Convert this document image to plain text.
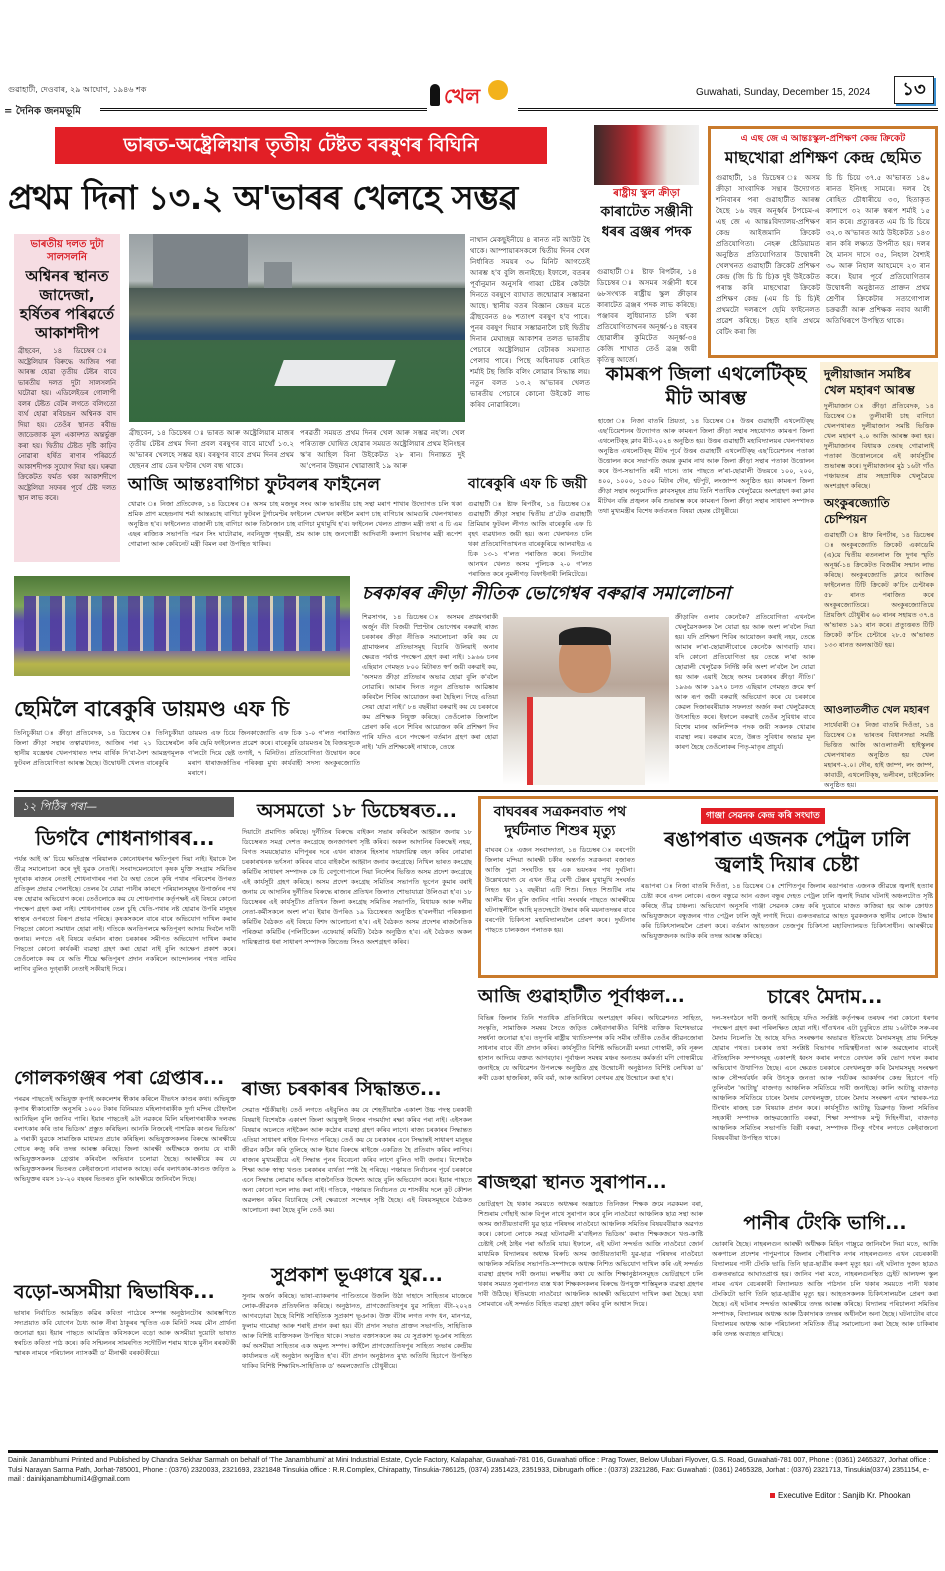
গুৱাহাটী, দেওবাৰ, ২৯ আঘোণ, ১৯৪৬ শক
= দৈনিক জনমভূমি
খেল	Guwahati, Sunday, December 15, 2024	১৩
ভাৰত-অষ্ট্ৰেলিয়াৰ তৃতীয় টেষ্টত বৰষুণৰ বিঘিনি
প্ৰথম দিনা ১৩.২ অ'ভাৰৰ খেলহে সম্ভৱ
ভাৰতীয় দলত দুটা সালসলনি
অশ্বিনৰ স্থানত জাদেজা, হৰ্ষিতৰ পৰিৱৰ্তে আকাশদীপ
ব্ৰীছবেন, ১৪ ডিচেম্বৰ ঃ অষ্ট্ৰেলিয়াৰ বিৰুদ্ধে আজিৰ পৰা আৰম্ভ হোৱা তৃতীয় টেষ্টৰ বাবে ভাৰতীয় দলত দুটা সালসলনি ঘটোৱা হয়। এডিলেইডৰ গোলাপী বলৰ টেষ্টত বেটৰ লগতে বলিংতো ব্যৰ্থ হোৱা ৰবিচন্দ্ৰন অশ্বিনক বাদ দিয়া হয়। তেওঁৰ স্থানত ৰবীন্দ্ৰ জাডেজাক মূল একাদশত অন্তৰ্ভুক্ত কৰা হয়। দ্বিতীয় টেষ্টত দৃষ্টি কাঢ়িব নোৱাৰা হৰ্ষিত ৰাণাৰ পৰিৱৰ্তে আকাশদীপক সুযোগ দিয়া হয়। ঘৰুৱা ক্ৰিকেটত ফৰ্মত থকা আকাশদীপে অষ্ট্ৰেলিয়া সফৰৰ পূৰ্বে টেষ্ট দলত স্থান লাভ কৰে।
ব্ৰীছবেন, ১৪ ডিচেম্বৰ ঃ ভাৰত আৰু অষ্ট্ৰেলিয়াৰ মাজৰ তৃতীয় টেষ্টৰ প্ৰথম দিনা প্ৰবল বৰষুণৰ বাবে মাথোঁ ১৩.২ অ'ভাৰৰ খেলহে সম্ভৱ হয়। বৰষুণৰ বাবে প্ৰথম দিনৰ প্ৰথম ছেছনৰ প্ৰায় ডেৰ ঘণ্টাৰ খেল বন্ধ থাকে।
পৰৱৰ্তী সময়ত প্ৰথম দিনৰ খেল আৰু সম্ভৱ নহ'ল। খেল পৰিত্যক্ত ঘোষিত হোৱাৰ সময়ত অষ্ট্ৰেলিয়াৰ প্ৰথম ইনিংছৰ স্ক'ৰ আছিল বিনা উইকেটত ২৮ ৰান। দিনান্তত দুই অ'পেনাৰ উছমান খোৱাজাই ১৯ আৰু
নাথান মেকছুইনীয়ে ৪ ৰানত নট আউট হৈ থাকে। আম্পায়াৰসকলে দ্বিতীয় দিনৰ খেল নিৰ্ধাৰিত সময়ৰ ৩০ মিনিট আগতেই আৰম্ভ হ'ব বুলি জনাইছে। ইফালে, বতৰৰ পূৰ্বানুমান অনুসৰি গাব্বা টেষ্টৰ কেউটা দিনতে বৰষুণে ব্যাঘাত জন্মোৱাৰ সম্ভাৱনা আছে। স্থানীয় বতৰ বিজ্ঞান কেন্দ্ৰৰ মতে ব্ৰীছবেনত ৪৬ শতাংশ বৰষুণ হ'ব পাৰে। পুনৰ বৰষুণ দিয়াৰ সম্ভাৱনালৈ চাই দ্বিতীয় দিনাৰ মেঘাচ্ছন্ন আকাশৰ তলত ভাৰতীয় পেচাৰে অষ্ট্ৰেলিয়ান বেটাৰক সমস্যাত পেলাব পাৰে। পিছে অধিনায়ক ৰোহিত শৰ্মাই টছ জিকি বলিং লোৱাৰ সিদ্ধান্ত লয়। নতুন বলত ১৩.২ অ'ভাৰৰ খেলত ভাৰতীয় পেচাৰে কোনো উইকেট লাভ কৰিব নোৱাৰিলে।
ৰাষ্ট্ৰীয় স্কুল ক্ৰীড়া
কাৰাটেত সঞ্জীনী ধৰৰ ব্ৰঞ্জৰ পদক
গুৱাহাটী ঃ ষ্টাফ ৰিপৰ্টাৰ, ১৪ ডিচেম্বৰ ঃ অসমৰ সঞ্জীনী ধৰে ৬৮সংখ্যক ৰাষ্ট্ৰীয় স্কুল ক্ৰীড়াৰ কাৰাটেত ব্ৰঞ্জৰ পদক লাভ কৰিছে। পঞ্জাবৰ লুধিয়ানাত চলি থকা প্ৰতিযোগিতাখনৰ অনূৰ্ধ্ব-১৪ বছৰৰ ছোৱালীৰ কুমিটেত অনূৰ্ধ্ব-৩৪ কেজি শাখাত তেওঁ ব্ৰঞ্জ জয়ী কৃতিত্ব আৰ্জে।
এ এছ জে এ আন্তঃস্কুল-প্ৰশিক্ষণ কেন্দ্ৰ ক্ৰিকেট
মাছখোৱা প্ৰশিক্ষণ কেন্দ্ৰ ছেমিত
গুৱাহাটী, ১৪ ডিচেম্বৰ ঃ অসম ক্ৰীড়া সাংবাদিক সন্থাৰ উদ্যোগত শনিবাৰৰ পৰা গুৱাহাটীত আৰম্ভ হৈছে ১৬ বছৰ অনূৰ্ধ্বৰ টপচেম-এ এছ জে এ আন্তঃবিদ্যালয়-প্ৰশিক্ষণ কেন্দ্ৰ আইজমানি ক্ৰিকেট প্ৰতিযোগিতা। নেহৰু ষ্টেডিয়ামত অনুষ্ঠিত প্ৰতিযোগিতাৰ উদ্বোধনী খেলখনত গুৱাহাটী ক্ৰিকেট প্ৰশিক্ষণ কেন্দ্ৰ (জি চি চি চি)ক দুই উইকেটত পৰাস্ত কৰি মাছখোৱা ক্ৰিকেট প্ৰশিক্ষণ কেন্দ্ৰ (এম চি চি চি)ই প্ৰথমটো দলৰূপে ছেমি ফাইনেলত প্ৰৱেশ কৰিছে। টছত হাৰি প্ৰথমে বেটিং কৰা জি
চি চি চিয়ে ৩৭.৫ অ'ভাৰত ১৪০ ৰানত ইনিংছ সামৰে। দলৰ হৈ ৰোহিত চৌধাৰীয়ে ৩৩, হিতাকৃত কাশ্যপে ৩২ আৰু স্বৰূপ শৰ্মাই ১৫ ৰান কৰে। প্ৰত্যুত্তৰত এম চি চি চিয়ে ৩২.৩ অ'ভাৰত আঠ উইকেটত ১৪৩ ৰান কৰি লক্ষ্যত উপনীত হয়। দলৰ হৈ মানস দাসে ৩৫, নিহাল বৈশ্যই ৩০ আৰু নিহাল আহমেদে ২৩ ৰান কৰে। ইয়াৰ পূৰ্বে প্ৰতিযোগিতাৰ উদ্বোধনী অনুষ্ঠানত প্ৰাক্তন প্ৰথম শ্ৰেণীৰ ক্ৰিকেটাৰ সত্যগোপাল চক্ৰৱৰ্তী আৰু প্ৰশিক্ষক নবাব আলী অতিথিৰূপে উপস্থিত থাকে।
কামৰূপ জিলা এথলেটিক্‌ছ মীট আৰম্ভ
হাজো ঃ নিজা বাতৰি প্ৰিয়তা, ১৪ ডিচেম্বৰ ঃ উত্তৰ গুৱাহাটী এথলেটিক্‌ছ এছ'চিয়েশ্যনৰ উদ্যোগত আৰু কামৰূপ জিলা ক্ৰীড়া সন্থাৰ সহযোগত কামৰূপ জিলা এথলেটিক্‌ছ ক্লাব মীট-২০২৪ অনুষ্ঠিত হয়। উত্তৰ গুৱাহাটী মহাবিদ্যালয়ৰ খেলপথাৰত অনুষ্ঠিত এথলেটিক্‌ছ মীটৰ পূৰ্বে উত্তৰ গুৱাহাটী এথলেটিক্‌ছ এছ'চিয়েশ্যনৰ পতাকা উত্তোলন কৰে সভাপতি জয়ন্ত কুমাৰ নাথ আৰু জিলা ক্ৰীড়া সন্থাৰ পতাকা উত্তোলন কৰে উপ-সভাপতি ৰূমী দাসে। তাৰ পাছতে ল'ৰা-ছোৱালী উভয়ৰে ১০০, ২০০, ৪০০, ১০০০, ১৫০০ মিটাৰ দৌৰ, শ্বটপুট, লংজাম্প অনুষ্ঠিত হয়। কামৰূপ জিলা ক্ৰীড়া সন্থাৰ অনুমোদিত ক্লাবসমূহৰ প্ৰায় তিনি শতাধিক খেলুৱৈয়ে অংশগ্ৰহণ কৰা ক্লাব মীটখন বন্তি প্ৰজ্বলন কৰি শুভাৰম্ভ কৰে কামৰূপ জিলা ক্ৰীড়া সন্থাৰ সাধাৰণ সম্পাদক তথা মুখ্যমন্ত্ৰীৰ বিশেষ কৰ্তব্যৰত বিষয়া হেমন্ত চৌধুৰীয়ে।
দুলীয়াজান সমষ্টিৰ খেল মহাৰণ আৰম্ভ
দুলীয়াজান ঃ ক্ৰীড়া প্ৰতিবেদক, ১৪ ডিচেম্বৰ ঃ তুলীবাৰী চাহ বাগিচা খেলপথাৰত দুলীয়াজান সমষ্টি ভিত্তিক খেল মহাৰণ ২.০ আজি আৰম্ভ কৰা হয়। দুলীয়াজানৰ বিধায়ক তেৰছ গোৱালাই পতাকা উত্তোলনেৰে এই কাৰ্যসূচীৰ শুভাৰম্ভ কৰে। দুলীয়াজানৰ মুঠ ১৬টা গাঁও পঞ্চায়তৰ প্ৰায় সহস্ৰাধিক খেলুৱৈয়ে অংশগ্ৰহণ কৰিছে।
অংকুৰজ্যোতি চেম্পিয়ন
গুৱাহাটী ঃ ষ্টাফ ৰিপৰ্টাৰ, ১৪ ডিচেম্বৰ ঃ অংকুৰজ্যোতি ক্ৰিকেট একাডেমি (এ)য়ে দ্বিতীয় ৰতনলাল জি দুগৰ স্মৃতি অনূৰ্ধ্ব-১৪ ক্ৰিকেটত বিজয়ীৰ সন্মান লাভ কৰিছে। অংকুৰজ্যোতি ক্লাবে আজিৰ ফাইনেলত টিটি ক্ৰিকেট ক'চিং চেন্টাৰক ৫৮ ৰানত পৰাজিত কৰে অংকুৰজ্যোতিয়ে। অংকুৰজ্যোতিয়ে প্ৰিয়জিৎ চৌধুৰীৰ ৬০ ৰানৰ সহায়ত ৩৭.৪ অ'ভাৰত ১৯১ ৰান কৰে। প্ৰত্যুত্তৰত টিটি ক্ৰিকেট ক'চিং চেন্টাৰে ২৮.৫ অ'ভাৰত ১৩৩ ৰানত অলআউট হয়।
আওলাতলীত খেল মহাৰণ
সাৰ্থেবাৰী ঃ নিজা বাতৰি দিওঁতা, ১৪ ডিচেম্বৰ ঃ ভাৰতৰ বিধানসভা সমষ্টি ভিত্তিত আজি আওলাতলী হাইস্কুলৰ খেলপথাৰত অনুষ্ঠিত হয় খেল মহাৰণ-২.০। দৌৰ, হাই জাম্প, লং জাম্প, কাবাডী, এথলেটিক্‌ছ, ভলীবল, চাইকেলিং অনুষ্ঠিত হয়।
আজি আন্তঃবাগিচা ফুটবলৰ ফাইনেল
খোৱাং ঃ নিজা প্ৰতিবেদক, ১৪ ডিচেম্বৰ ঃ অসম চাহ মজদুৰ সংঘ আৰু ভাৰতীয় চাহ সন্থা মৰাণ শাখাৰ উদ্যোগত চলি থকা শ্ৰমিক প্ৰাণ মহেন্দ্ৰনাথ শৰ্মা আন্তঃচাহ বাগিচা ফুটবল টুৰ্ণামেণ্টৰ ফাইনেল খেলখন কাইলৈ মৰাণ চাহ বাগিচাৰ আমগুৰি খেলপথাৰত অনুষ্ঠিত হ'ব। ফাইনেলত বাজালী চাহ বাগিচা আৰু তিনৈজান চাহ বাগিচা মুখামুখি হ'ব। ফাইনেল খেলত প্ৰাক্তন মন্ত্ৰী তথা এ চি এম এছৰ ৰাজ্যিক সভাপতি পৱন সিং ঘাটোৱাৰ, নবনিযুক্ত গৃহমন্ত্ৰী, শ্ৰম আৰু চাহ জনগোষ্ঠী আদিবাসী কল্যাণ বিভাগৰ মন্ত্ৰী ৰূপেশ গোৱালা আৰু কেবিনেট মন্ত্ৰী বিমল বৰা উপস্থিত থাকিব।
বাৰেকুৰি এফ চি জয়ী
গুৱাহাটী ঃ ষ্টাফ ৰিপৰ্টাৰ, ১৪ ডিচেম্বৰ ঃ গুৱাহাটী ক্ৰীড়া সন্থাৰ দ্বিতীয় প্ৰ'টেক গুৱাহাটী প্ৰিমিয়াৰ ফুটবল লীগত আজি বাৰেকুৰি এফ চি বৃহৎ ব্যৱধানত জয়ী হয়। অন্য খেলখনত চলি থকা প্ৰতিযোগিতাখনত বাৰেকুৰিয়ে আলবাইড এ চিক ১৩-১ গ'লত পৰাজিত কৰে। দিনটোৰ আনখন খেলত অসম পুলিচক ২-০ গ'লত পৰাজিত কৰে নুমলীগড় বিফাইনাৰী লিমিটেডে।
ছেমিলৈ বাৰেকুৰি ডায়মণ্ড এফ চি
তিনিচুকীয়া ঃ ক্ৰীড়া প্ৰতিবেদক, ১৪ ডিচেম্বৰ ঃ তিনিচুকীয়া জিলা ক্ৰীড়া সন্থাৰ তত্বাৱধানত, আজিৰ পৰা ২১ ডিচেম্বৰলৈ স্থানীয় যজ্ঞেশ্বৰ খেলপথাৰত দশম বাৰ্ষিক দি'বা-নৈশ আমন্ত্ৰণমূলক ফুটবল প্ৰতিযোগিতা আৰম্ভ হৈছে। উদ্বোধনী খেলত বাৰেকুৰি
ডায়মণ্ড এফ চিয়ে জিনকাজ্যোতি এফ চিক ১-০ গ'লত পৰাজিত কৰি ছেমি ফাইনেলত প্ৰৱেশ কৰে। বাৰেকুৰি ডায়মণ্ডৰ হৈ বিজয়সূচক গ'লটো দিয়ে ছেষ্ট তগাই, ৭ মিনিটত। প্ৰতিযোগিতা উদ্বোধন কৰে মৰাণ ধাৰাজৰ্জাতিৰ পৰিকল্প মুখ্য কাৰ্যবাহী সদস্য অংকুৰজ্যোতি মৰাণে।
চৰকাৰৰ ক্ৰীড়া নীতিক ভোগেশ্বৰ বৰুৱাৰ সমালোচনা
শিৱসাগৰ, ১৪ ডিচেম্বৰ ঃ অসমৰ প্ৰথমগৰাকী অৰ্জুন বঁটা বিজয়ী স্প্ৰিণ্টাৰ ভোগেশ্বৰ বৰুৱাই ৰাজ্য চৰকাৰৰ ক্ৰীড়া নীতিক সমালোচনা কৰি কয় যে গ্ৰামাঞ্চলৰ প্ৰতিভাসমূহ বিচাৰি উলিয়াই অনাৰ ক্ষেত্ৰত পৰ্যাপ্ত পদক্ষেপ গ্ৰহণ কৰা নাই। ১৯৬৬ চনৰ এছিয়ান গেমছত ৮০০ মিটাৰত স্বৰ্ণ জয়ী বৰুৱাই কয়, 'অসমত ক্ৰীড়া প্ৰতিভাৰ অভাৱ হোৱা বুলি ক'বলৈ নোৱাৰি। আমাৰ দিনত নতুন প্ৰতিভাক আৱিষ্কাৰ কৰিবলৈ শিবিৰ আয়োজন কৰা হৈছিল। পিছে এতিয়া সেয়া হোৱা নাই।' ৮৪ বছৰীয়া বৰুৱাই কয় যে চৰকাৰে কম প্ৰশিক্ষক নিযুক্ত কৰিছে। তেওঁলোক জিলালৈ প্ৰেৰণ কৰি এনে শিবিৰ আয়োজন কৰি প্ৰশিক্ষণ দিব পাৰি যদিও এনে পদক্ষেপ বৰ্তমান গ্ৰহণ কৰা হোৱা নাই। 'যদি প্ৰশিক্ষকেই নাথাকে, তেন্তে
ক্ৰীড়াবিদ ওলাব কেনেকৈ? প্ৰতিযোগিতা এখনলৈ খেলুৱৈসকলক লৈ যোৱা হয় আৰু অংশ ল'বলৈ দিয়া হয়। যদি প্ৰশিক্ষণ শিবিৰ আয়োজন কৰাই নহয়, তেন্তে আমাৰ ল'ৰা-ছোৱালীবোৰে কেনেকৈ আগবাঢ়ি যাব। যদি কোনো প্ৰতিযোগিতা হয় তেন্তে ল'ৰা আৰু ছোৱালী খেলুৱৈক নিৰ্দিষ্ট কৰি অংশ ল'বলৈ লৈ যোৱা হয় আৰু এয়াই হৈছে অসম চৰকাৰৰ ক্ৰীড়া নীতি।' ১৯৬৬ আৰু ১৯৭০ চনত এছিয়ান গেমছত ক্ৰমে স্বৰ্ণ আৰু ৰূপ জয়ী বৰুৱাই অভিযোগ কৰে যে চৰকাৰে কেৱল দিজাৰবৰীয়াক সফলতা অৰ্জন কৰা খেলুৱৈকহে উৎসাহিত কৰে। ইফালে বৰুৱাই তেওঁৰ সুবিধাৰ বাবে বিশেষ মানৰ অলিম্পিক পদক জয়ী সকলক খোৱাৰ ব্যৱস্থা লয়। বৰুৱাৰ মতে, উন্নত সুবিধাৰ অভাৱ মূল কাৰণ হৈছে তেওঁলোকৰ পিতৃ-মাতৃৰ প্ৰাচুৰ্য।
১২ পিঠিৰ পৰা—
ডিগবৈ শোধনাগাৰৰ...
পৰ্যন্ত আই অ' চিয়ে ক্ষতিগ্ৰস্ত পৰিয়ালক কোনোধৰণৰ ক্ষতিপূৰণ দিয়া নাই। ইয়াকে লৈ তীব্ৰ সমালোচনা কৰে দুই যুৱক নেতাই। সংবাদমেলযোগে কৃষক মুক্তি সংগ্ৰাম সমিতিৰ দুগ্‌ৰাক ৰাজ্যৰ নেতাই শোধনাগাৰৰ পৰা বৈ অহা তেলে কৃষি পথাৰ পৰিবেশৰ উপৰত প্ৰতিকূল প্ৰভাৱ পেলাইছে। তেলৰ বৈ যোৱা পানীৰ কাৰণে পৰিয়ালসমূহৰ উপাৰ্জনৰ পথ বন্ধ হোৱাৰ অভিযোগ কৰে। তেওঁলোকে কয় যে শোধনাগাৰ কৰ্তৃপক্ষই এই বিষয়ে কোনো পদক্ষেপ গ্ৰহণ কৰা নাই। শোধনাগাৰৰ তেল চুহি খেতি-পথাৰ নষ্ট হোৱাৰ উপৰি মানুহৰ স্বাস্থ্যৰ ওপৰতো বিৰূপ প্ৰভাৱ পৰিছে। কৃষকসকলে বাৰে বাৰে অভিযোগ দাখিল কৰাৰ পিছতো কোনো সমাধান হোৱা নাই। গতিকে অনতিপলমে ক্ষতিপূৰণ আদায় দিবলৈ দাবী জনায়। লগতে এই বিষয়ে বৰ্তমান ৰাজ্য চৰকাৰৰ সমীপত অভিযোগ দাখিল কৰাৰ পিছতো কোনো কাৰ্যকৰী ব্যৱস্থা গ্ৰহণ কৰা হোৱা নাই বুলি আক্ষেপ প্ৰকাশ কৰে। তেওঁলোকে কয় যে অতি শীঘ্ৰে ক্ষতিপূৰণ প্ৰদান নকৰিলে আন্দোলনৰ পথত নামিব লাগিব বুলিও দুগ্‌ৰাকী নেতাই সকীয়াই দিয়ে।
গোলকগঞ্জৰ পৰা গ্ৰেপ্তাৰ...
পৰৱৰ পাছতেই অভিযুক্ত কৃপাই অকলেশৰ স্বীকাৰ কৰিলে বীভৎস কাণ্ডৰ কথা। অভিযুক্ত কৃপাৰ স্বীকাৰোক্তি অনুসৰি ১০০০ টকাৰ বিনিময়ত মহিলাগৰাকীক দুৰ্গা মন্দিৰ চৌহদলৈ আনিছিল বুলি জানিব পাৰি। ইয়াৰ পাছতেই ৯টা নৱকৰে মিলি মহিলাগৰাকীক দলবদ্ধ বলাৎকাৰ কৰি তাৰ ভিডিঅ' প্ৰস্তুত কৰিছিল। আনকি নিজৰেই পাশৱিক কাণ্ডৰ ভিডিঅ' ৯ গৰাকী যুৱকে সামাজিক মাধ্যমত প্ৰচাৰ কৰিছিল। অভিযুক্তসকলৰ বিৰুদ্ধে আৰক্ষীয়ে গোচৰ ৰুজু কৰি তদন্ত আৰম্ভ কৰিছে। জিলা আৰক্ষী অধীক্ষকে জনায় যে বাকী অভিযুক্তসকলক গ্ৰেপ্তাৰ কৰিবলৈ অভিযান চলোৱা হৈছে। আৰক্ষীয়ে কয় যে অভিযুক্তসকলৰ ভিতৰত কেইবাজনো নাবালক আছে। বৰ্বৰ বলাৎকাৰ-কাণ্ডত জড়িত ৯ অভিযুক্তৰ বয়স ১৮-২০ বছৰৰ ভিতৰত বুলি আৰক্ষীয়ে জানিবলৈ দিছে।
বড়ো-অসমীয়া দ্বিভাষিক...
ভাষাৰ নিৰ্বাচিত আমন্ত্ৰিত কৱিৰ কবিতা পাঠেৰে সম্পন্ন অনুষ্ঠানটোৰ আৰম্ভণিতে সদ্যপ্ৰয়াত কবি যোগেন চৈধ্য আৰু নীৰা ঠাকুৰৰ স্মৃতিত এক মিনিট সময় মৌন প্ৰাৰ্থনা জনোৱা হয়। ইয়াৰ পাছতে আমন্ত্ৰিত কবিসকলে বড়ো আৰু অসমীয়া দুয়োটা ভাষাত স্বৰচিত কবিতা পাঠ কৰে। কবি সন্মিলনৰ সামৰণিত সদৌটিল শৰাম থাকে মুনীন ৰৰকটকী স্মাৰক নামৰে পৰিচালন ন্যাসকৰ্মী ড' মীনাক্ষী বৰকটকীয়ে।
অসমতো ১৮ ডিচেম্বৰত...
দিয়াটো প্ৰমাণিত কৰিছে। দুৰ্নীতিৰ বিৰুদ্ধে বাইকন সভাৰ কৰিবলৈ আহ্বান জনায় ১৮ ডিচেম্বৰত সমগ্ৰ দেশত কংগ্ৰেছে জনজাগৰণ সৃষ্টি কৰিব। অকল আদানিৰ বিৰুদ্ধেই নহয়, বিগত সময়ছোৱাত মণিপুৰৰ দৰে এখন ৰাজ্যৰ হিংসাৰ দায়দায়িত্ব বহন কৰিব নোৱাৰা চৰকাৰখনক ভৰ্ৎসনা কৰিবৰ বাবে বাইকলৈ আহ্বান জনাব কংগ্ৰেছে। নিখিল ভাৰত কংগ্ৰেছ কমিটিৰ সাধাৰণ সম্পাদক কে চি বেণুগোপালে দিয়া নিৰ্দেশৰ ভিত্তিত অসম প্ৰদেশ কংগ্ৰেছে এই কাৰ্যসূচী গ্ৰহণ কৰিছে। অসম প্ৰদেশ কংগ্ৰেছ সমিতিৰ সভাপতি ভূপেন কুমাৰ বৰাই জনায় যে আদানিৰ দুৰ্নীতিৰ বিৰুদ্ধে ৰাজ্যৰ প্ৰতিখন জিলাত শোভাযাত্ৰা উলিওৱা হ'ব। ১৮ ডিচেম্বৰৰ এই কাৰ্যসূচীত প্ৰতিখন জিলা কংগ্ৰেছ সমিতিৰ সভাপতি, বিধায়ক আৰু দলীয় নেতা-কৰ্মীসকলে অংশ ল'ব। ইয়াৰ উপৰিও ১৯ ডিচেম্বৰত অনুষ্ঠিত হ'বলগীয়া পৰিকল্পনা কমিটিৰ বৈঠকত এই বিষয়ে বিশদ আলোচনা হ'ব। এই বৈঠকত অসম প্ৰদেশৰ ৰাজনৈতিক পৰিক্ৰমা কমিটিৰ (পলিটিকেল এফেয়াৰ্ছ কমিটি) বৈঠক অনুষ্ঠিত হ'ব। এই বৈঠকত অকল দায়িত্বপ্ৰাপ্ত ধৰা সাধাৰণ সম্পাদক জিতেন্দ্ৰ সিংও অংশগ্ৰহণ কৰিব।
ৰাজ্য চৰকাৰৰ সিদ্ধান্তত...
সেৱাত শৰ্ঠকীয়াই। তেওঁ লগতে এইবুলিও কয় যে শেহতীয়াকৈ একাংশ উচ্চ পদস্থ চৰকাৰী বিষয়াই বিশেষকৈ একাংশ জিলা আয়ুক্তই নিজৰ পদমৰ্যাদা ৰক্ষা কৰিব পৰা নাই। এইসকল বিষয়াৰ অচলতে নাইকৈল আৰু কঠোৰ ব্যৱস্থা গ্ৰহণ কৰিব লাগে। ৰাজ্য চৰকাৰৰ সিদ্ধান্তত এতিয়া সাধাৰণ ৰাইজ বিপদত পৰিছে। তেওঁ কয় যে চৰকাৰৰ এনে সিদ্ধান্তই সাধাৰণ মানুহৰ জীৱন কঠিন কৰি তুলিছে আৰু ইয়াৰ বিৰুদ্ধে ৰাইজে একত্ৰিত হৈ প্ৰতিবাদ কৰিব লাগিব। ৰাজ্যৰ মুখ্যমন্ত্ৰীয়ে এই সিদ্ধান্ত পুনৰ বিবেচনা কৰিব লাগে বুলিও দাবী জনায়। বিশেষকৈ শিক্ষা আৰু স্বাস্থ্য খণ্ডত চৰকাৰৰ ব্যৰ্থতা স্পষ্ট হৈ পৰিছে। পঞ্চায়ত নিৰ্বাচনৰ পূৰ্বে চৰকাৰে এনে সিদ্ধান্ত লোৱাৰ আঁৰত ৰাজনৈতিক উদ্দেশ্য আছে বুলি অভিযোগ কৰে। ইয়াৰ পাছতে অন্য কোনো দলে লাভ কৰা নাই। গতিকে, পঞ্চায়ত নিৰ্বাচনত যে শাসকীয় দলে কূট কৌশল অৱলম্বন কৰিব বিচাৰিছে সেই ক্ষেত্ৰতো সন্দেহৰ সৃষ্টি হৈছে। এই বিষয়সমূহৰে বৈঠকত আলোচনা কৰা হৈছে বুলি তেওঁ কয়।
সুপ্ৰকাশ ভূঞাৰে যুৱ...
সুনাম অৰ্জন কৰিছে। ভাষা-ব্যাকৰণৰ পাণ্ডিত্যৰে উজলি উঠা দাহাদে সাহিত্যৰ মাজেৰে লোক-জীৱনক প্ৰতিফলিত কৰিছে। অনুষ্ঠানত, প্ৰাগজ্যোতিষপুৰ যুৱ সাহিত্য বঁটা-২০২৪ আগবঢ়োৱা হৈছে বিশিষ্ট সাহিত্যিক সুপ্ৰকাশ ভূঞাক। উক্ত বঁটাৰ লগত নগদ ধন, মানপত্ৰ, ফুলাম গামোছা আৰু শৰাই প্ৰদান কৰা হয়। বঁটা প্ৰদান সভাত প্ৰাক্তন সভাপতি, সাহিত্যিক আৰু বিশিষ্ট ব্যক্তিসকল উপস্থিত থাকে। সভাত বক্তাসকলে কয় যে সুপ্ৰকাশ ভূঞাৰ সাহিত্য কৰ্ম অসমীয়া সাহিত্যৰ এক অমূল্য সম্পদ। কাইলৈ প্ৰাগজ্যোতিষপুৰ সাহিত্য সভাৰ কেন্দ্ৰীয় কাৰ্যালয়ত এই অনুষ্ঠান অনুষ্ঠিত হ'ব। বঁটা প্ৰদান অনুষ্ঠানত মুখ্য অতিথি হিচাপে উপস্থিত থাকিব বিশিষ্ট শিক্ষাবিদ-সাহিত্যিক ড' অমলজ্যোতি চৌধুৰীয়ে।
বাঘবৰৰ সত্ৰকনবাত পথ দুৰ্ঘটনাত শিশুৰ মৃত্যু
বাঘবৰ ঃ এজন সংবাদদাতা, ১৪ ডিচেম্বৰ ঃ বৰপেটা জিলাৰ মন্দিয়া আৰক্ষী চকীৰ অন্তৰ্গত সত্ৰকনবা বজাৰত আজি পুৱা সংঘটিত হয় এক ভয়ংকৰ পথ দুৰ্ঘটনা। উল্লেখযোগ্য যে এখন তীব্ৰ বেগী টেক্সৰ মুখামুখি সংঘৰ্ষত নিহত হয় ১২ বছৰীয়া এটি শিশু। নিহত শিশুটিৰ নাম আলীম দ্বীন বুলি জানিব পাৰি। সংঘৰ্ষৰ পাছতে আৰক্ষীয়ে ঘটনাস্থলীলৈ আহি মৃতদেহটো উদ্ধাৰ কৰি ময়নাতদন্তৰ বাবে বৰপেটা চিকিৎসা মহাবিদ্যালয়লৈ প্ৰেৰণ কৰে। দুৰ্ঘটনাৰ পাছতে চালকজন পলাতক হয়।
গাঞ্জা সেৱনক কেন্দ্ৰ কৰি সংঘাত
ৰঙাপৰাত এজনক পেট্ৰল ঢালি জ্বলাই দিয়াৰ চেষ্টা
ৰঙাপৰা ঃ নিজা বাতৰি দিওঁতা, ১৪ ডিচেম্বৰ ঃ শোণিতপুৰ জিলাৰ ৰঙাপৰাত এজনক জীৱন্তে জ্বলাই হত্যাৰ চেষ্টা কৰে এদল লোকে। এজন বন্ধুৱে আন এজন বন্ধুৰ দেহত পেট্ৰল ঢালি জ্বলাই দিয়াৰ ঘটনাই অঞ্চলটোত সৃষ্টি কৰিছে তীব্ৰ চাঞ্চল্য। অভিযোগ অনুসৰি গাঞ্জা সেৱনক কেন্দ্ৰ কৰি দুয়োৰে মাজত কাজিয়া হয় আৰু ক্ৰোধত অভিযুক্তজনে বন্ধুজনৰ গাত পেট্ৰল ঢালি জুই লগাই দিয়ে। গুৰুতৰভাৱে আহত যুৱকজনক স্থানীয় লোকে উদ্ধাৰ কৰি চিকিৎসালয়লৈ প্ৰেৰণ কৰে। বৰ্তমান আহতজন তেজপুৰ চিকিৎসা মহাবিদ্যালয়ত চিকিৎসাধীন। আৰক্ষীয়ে অভিযুক্তজনক আটক কৰি তদন্ত আৰম্ভ কৰিছে।
আজি গুৱাহাটীত পূৰ্বাঞ্চল...
বিভিন্ন জিলাৰ তিনি শতাধিক প্ৰতিনিধিয়ে অংশগ্ৰহণ কৰিব। অধিৱেশনত সাহিত্য, সংস্কৃতি, সামাজিক সমন্বয় সৈতে জড়িত কেইবাগৰাকীও বিশিষ্ট ব্যক্তিক বিশেষভাৱে সম্বৰ্ধনা জনোৱা হ'ব। তদুপৰি ৰাষ্ট্ৰীয় খ্যাতিসম্পন্ন কবি সমীৰ তাঁতীক তেওঁৰ জীৱনজোৰা সাধনাৰ বাবে বঁটা প্ৰদান কৰিব। কাৰ্যসূচীত বিশিষ্ট অভিনেত্ৰী মলয়া গোস্বামী, কবি নূৰুল হাসান আদিয়ে বক্তব্য আগবঢ়াব। পূৰ্বাঞ্চল সমন্বয় মঞ্চৰ অন্যতম কৰ্মকৰ্তা মণি গোস্বামীয়ে জনাইছে যে অধিৱেশন উপলক্ষে অনুষ্ঠিত গ্ৰন্থ উন্মোচনী অনুষ্ঠানত বিশিষ্ট লেখিকা ড' ৰুবী ডেকা হাজৰিকা, কবি বৰ্মা, আৰু আৰিফা বেগমৰ গ্ৰন্থ উন্মোচন কৰা হ'ব।
ৰাজহুৱা স্থানত সুৰাপান...
ভোটগ্ৰহণ হৈ থকাৰ সময়তে অধ্যক্ষৰ অজ্ঞাতে তিনিজন শিক্ষক ক্ৰমে নৱকমল বৰা, শিশুৰাম গোঁহাই আৰু বিপুল নাথে সুৰাপান কৰে বুলি নাওবৈচা আঞ্চলিক ছাত্ৰ সন্থা আৰু অসম জাতীয়তাবাদী যুৱ ছাত্ৰ পৰিষদৰ নাওবৈচা আঞ্চলিক সমিতিৰ বিষয়ববীয়াক অৱগত কৰে। কোনো লোকে সমগ্ৰ ঘটনাৱলী ম'বাইলত ভিডিঅ' কৰাত শিক্ষকজনে খণ্ড-কাষ্টি চেষ্টাই সেই ঠাইৰ পৰা আঁতৰি যায়। ইফালে, এই ঘটনা সন্দৰ্ভত আজি নাওবৈচা জোৰ্ন মাধ্যমিক বিদ্যালয়ৰ অধ্যক্ষ বিৰুচি অসম জাতীয়তাবাদী যুৱ-ছাত্ৰ পৰিষদৰ নাওবৈচা আঞ্চলিক সমিতিৰ সভাপতি-সম্পাদকে অধ্যক্ষ নিশিত অভিযোগ দাখিল কৰি এই সন্দৰ্ভত ব্যৱস্থা গ্ৰহণৰ দাবী জনায়। লক্ষণীয় কথা যে আজি শিক্ষানুষ্ঠানসমূহত ভোটগ্ৰহণে চলি থকাৰ সময়ত সুৰাপানত ব্যস্ত থকা শিক্ষকসকলৰ বিৰুদ্ধে উপযুক্ত শাস্তিমূলক ব্যৱস্থা গ্ৰহণৰ দাবী উঠিছে। ইতিমধ্যে নাওবৈচা আঞ্চলিক আৰক্ষী অভিযোগ দাখিল কৰা হৈছে। যথা সোমবাৰে এই সন্দৰ্ভত বিহিত ব্যৱস্থা গ্ৰহণ কৰিব বুলি আশ্বাস দিয়ে।
চাৰেং মৈদাম...
দল-সংগঠনে দাবী জনাই আহিছে যদিও সংশ্লিষ্ট কৰ্তৃপক্ষৰ তৰফৰ পৰা কোনো ধৰণৰ পদক্ষেপ গ্ৰহণ কৰা পৰিলক্ষিত হোৱা নাই। গাঁওখনৰ এটা চুবুৰিতে প্ৰায় ১৬টাকৈ সৰু-বৰ মৈদাম নিচলতি হৈ আছে যদিও সংৰক্ষণৰ অভাৱত ইতিমধ্যে মৈদামসমূহ প্ৰায় নিশ্চিহ্ন হোৱাৰ পথত। চৰকাৰ তথা সংশ্লিষ্ট বিভাগৰ দায়িত্বহীনতা আৰু অৱহেলাৰ বাবেই ঐতিহাসিক সম্পদসমূহ একাংশই ধ্বংস কৰাৰ লগতে বেদখল কৰি ভোগ দখল কৰাৰ অভিযোগ উত্থাপিত হৈছে। এনে ক্ষেত্ৰত চৰকাৰে বেদখলমুক্ত কৰি মৈদামসমূহ সংৰক্ষণ আৰু সৌন্দৰ্যবৰ্ধন কৰি উৎসুক জনতা আৰু পৰ্যটকৰ আকৰ্ষণৰ কেন্দ্ৰ হিচাপে গঢ়ি তুলিবলৈ 'আটাছু' বাজগড় আঞ্চলিক সমিতিয়ে দাবী জনাইছে। কালি আটাছু বাজগড় আঞ্চলিক সমিতিয়ে চাৰেং মৈদাম বেদখলমুক্ত, চাৰেং মৈদাম সংৰক্ষণ এখন স্মাৰক-পত্ৰ টিংখাং ৰাজহ চক্ৰ বিষয়াক প্ৰদান কৰে। কাৰ্যসূচীত আটাছু ডিব্ৰুগড় জিলা সমিতিৰ সহকাৰী সম্পাদক জাহ্নৱজ্যোতি বৰুৱা, শিক্ষা সম্পাদক মণ্টু দিহিংগীয়া, বাজগড় আঞ্চলিক সমিতিৰ সভাপতি বিপ্লী বৰুৱা, সম্পাদক টিংকু গগৈৰ লগতে কেইবাজনো বিষয়ববীয়া উপস্থিত থাকে।
পানীৰ টেংকি ভাগি...
ভোকাৰি হৈছে। নাহৰলগুন আৰক্ষী অধীক্ষক মিহিন গাম্লুৱে জানিবলৈ দিয়া মতে, আজি অৰুণাচল প্ৰদেশৰ পাপুমপাৰে জিলাৰ পৌৰাণিক নগৰ নাহৰলগুনত এখন বেচৰকাৰী বিদ্যালয়ৰ পানী টেংকি ভাঙি তিনি ছাত্ৰ-ছাত্ৰীৰ কৰুণ মৃত্যু হয়। এই ঘটনাত দুজন ছাত্ৰও গুৰুতৰভাৱে আঘাতপ্ৰাপ্ত হয়। জানিব পৰা মতে, নাহৰলগুনস্থিত চ্ৰেইট আলফন্স স্কুল নামৰ এখন বেচৰকাৰী বিদ্যালয়ত আজি পাঠদান চলি থকাৰ সময়তে পানী থকাৰ টেংকিটো ভাগি তিনি ছাত্ৰ-ছাত্ৰীৰ মৃত্যু হয়। আহতসকলক চিকিৎসালয়লৈ প্ৰেৰণ কৰা হৈছে। এই ঘটনাৰ সন্দৰ্ভত আৰক্ষীয়ে তদন্ত আৰম্ভ কৰিছে। বিদ্যালয় পৰিচালনা সমিতিৰ সম্পাদক, বিদ্যালয়ৰ অধ্যক্ষ আৰু ঠিকাদাৰক তদন্তৰ অধীনলৈ অনা হৈছে। ঘটনাটোৰ বাবে বিদ্যালয়ৰ অধ্যক্ষ আৰু পৰিচালনা সমিতিক তীব্ৰ সমালোচনা কৰা হৈছে আৰু চাকিৰাৰ কৰি তদন্ত অব্যাহত ৰাখিছে।
Dainik Janambhumi Printed and Published by Chandra Sekhar Sarmah on behalf of 'The Janambhumi' at Mini Industrial Estate, Cycle Factory, Kalapahar, Guwahati-781 016, Guwahati office : Prag Tower, Below Ulubari Flyover, G.S. Road, Guwahati-781 007, Phone : (0361) 2465327, Jorhat office : Tulsi Narayan Sarma Path, Jorhat-785001, Phone : (0376) 2320033, 2321693, 2321848 Tinsukia office : R.R.Complex, Chirapatty, Tinsukia-786125, (0374) 2351423, 2351933, Dibrugarh office : (0373) 2321286, Fax: Guwahati : (0361) 2465328, Jorhat : (0376) 2321713, Tinsukia(0374) 2351154, e-mail : dainikjanambhumi14@gmail.com
Executive Editor : Sanjib Kr. Phookan
